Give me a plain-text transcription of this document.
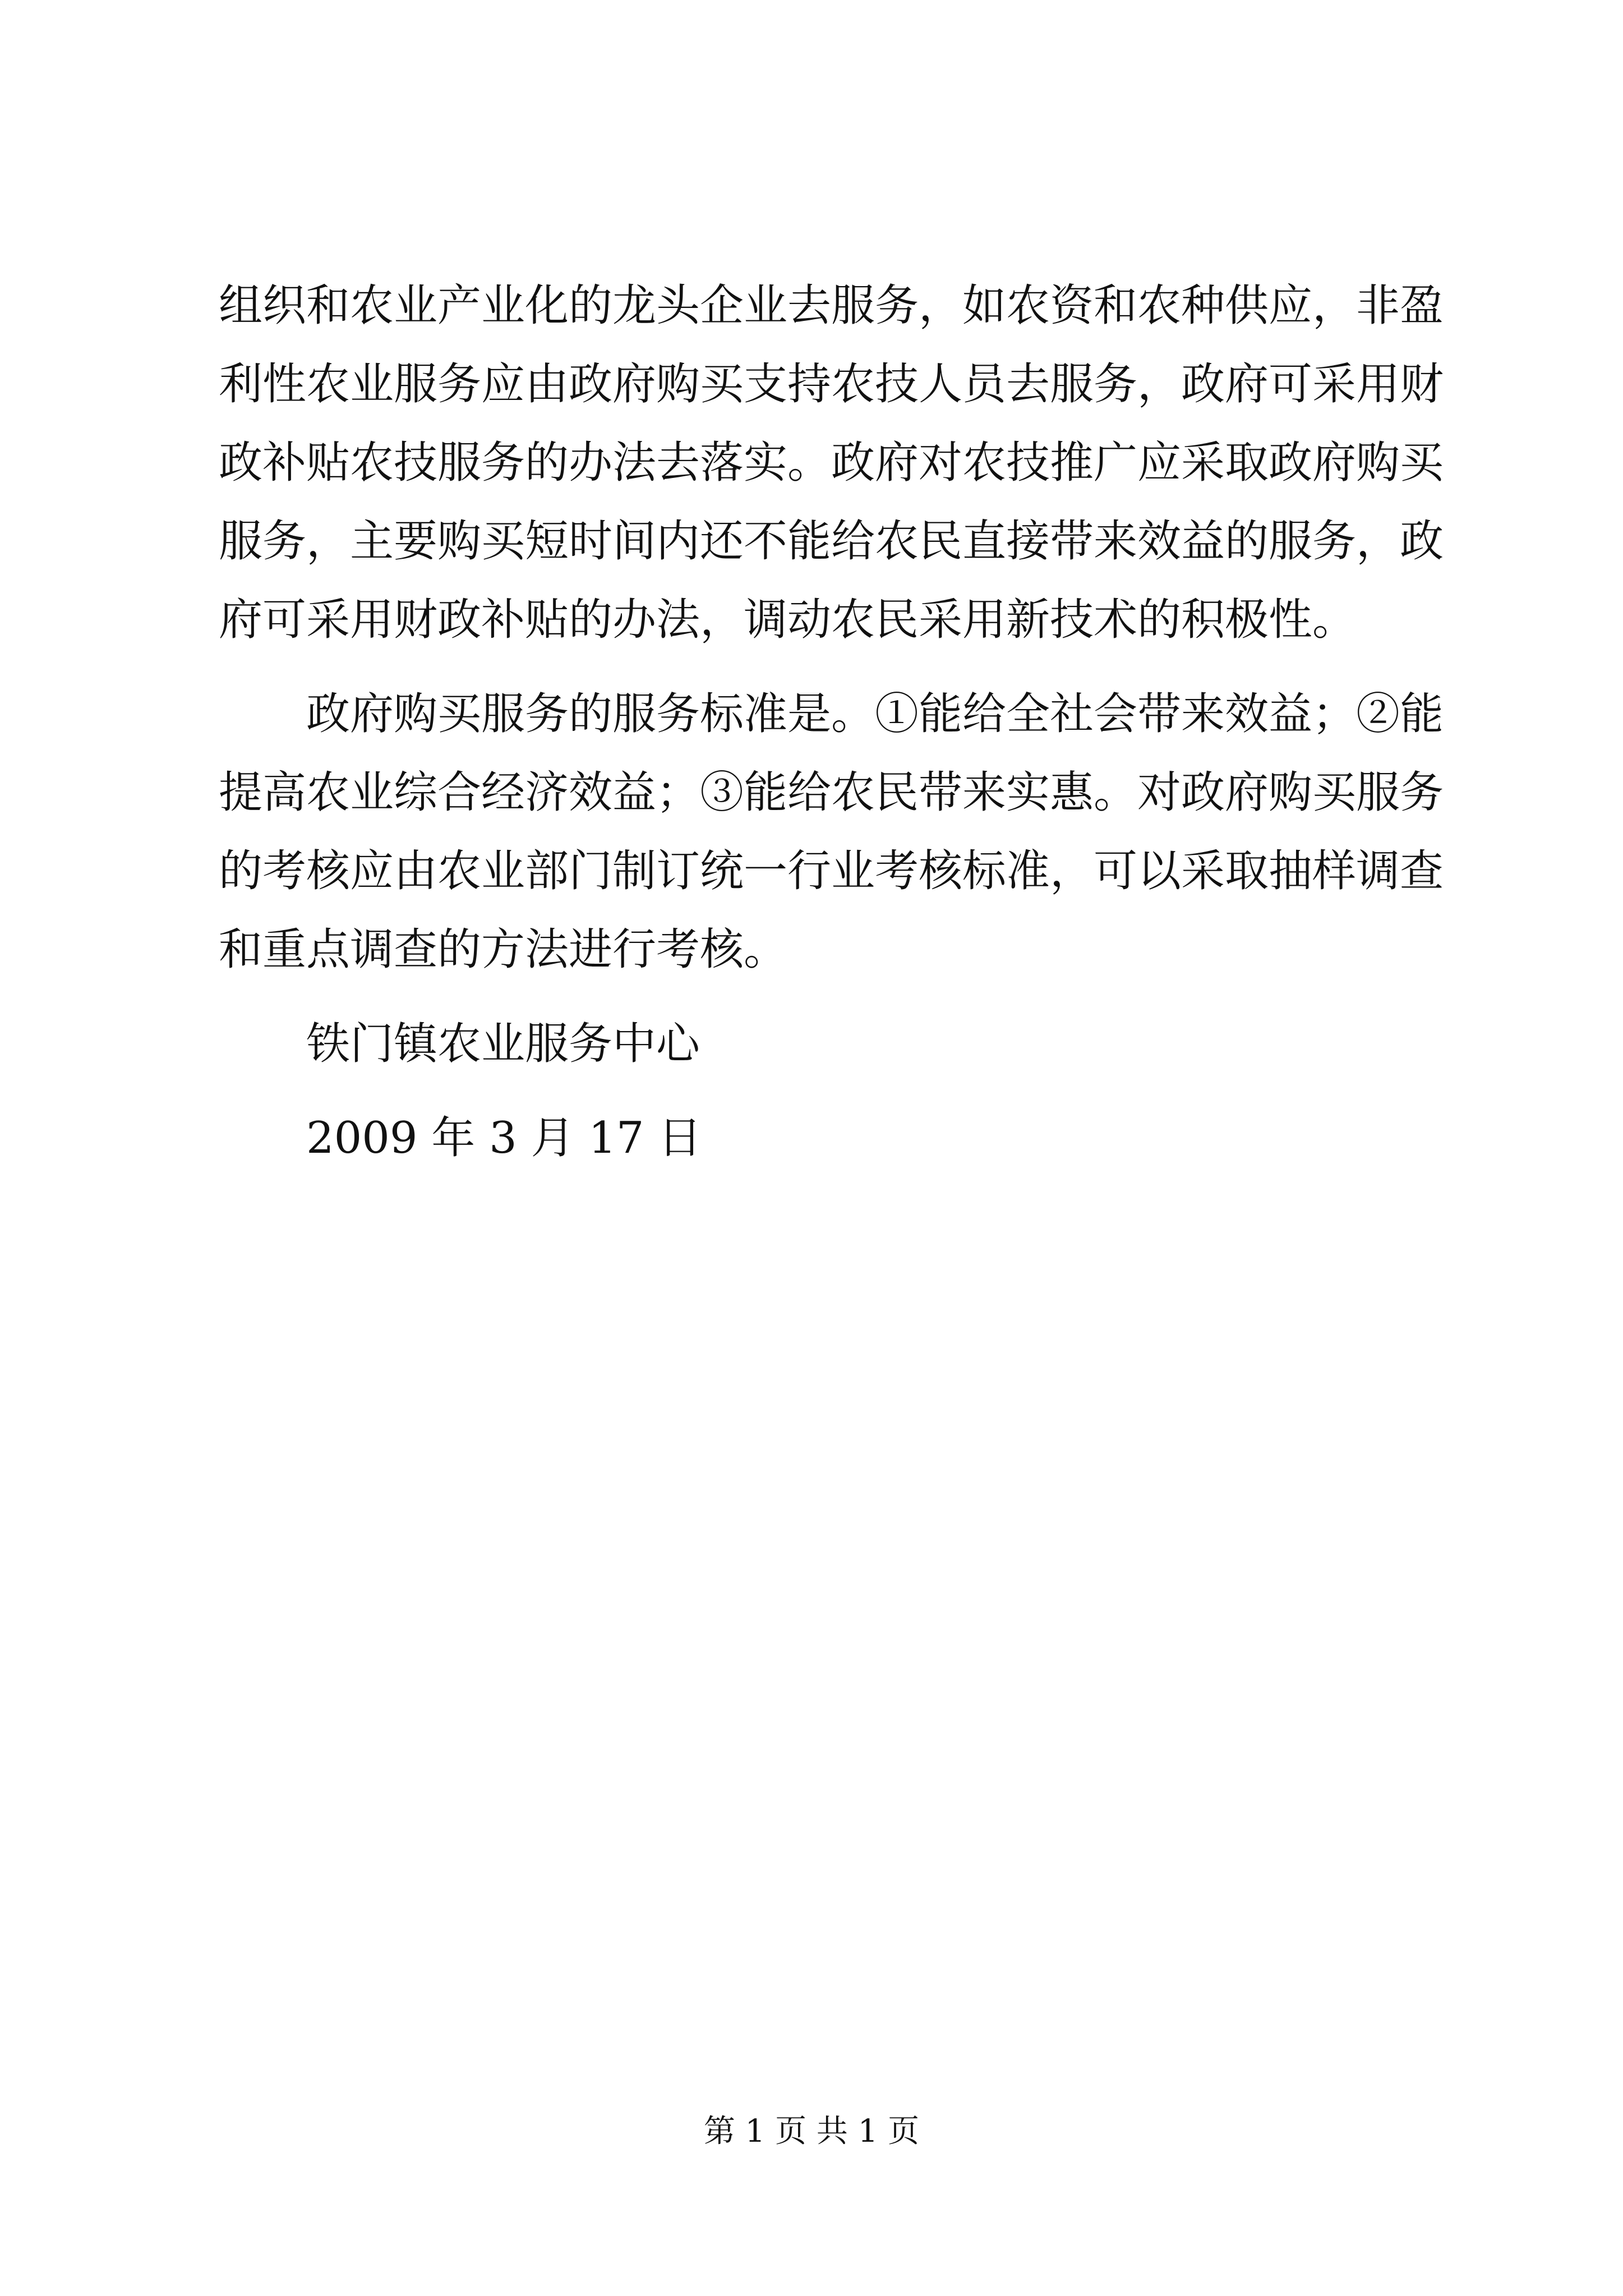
组织和农业产业化的龙头企业去服务，如农资和农种供应，非盈
利性农业服务应由政府购买支持农技人员去服务，政府可采用财
政补贴农技服务的办法去落实。政府对农技推广应采取政府购买
服务，主要购买短时间内还不能给农民直接带来效益的服务，政
府可采用财政补贴的办法，调动农民采用新技术的积极性。
政府购买服务的服务标准是。①能给全社会带来效益；②能
提高农业综合经济效益；③能给农民带来实惠。对政府购买服务
的考核应由农业部门制订统一行业考核标准，可以采取抽样调查
和重点调查的方法进行考核。
铁门镇农业服务中心
2009 年 3 月 17 日
第 1 页 共 1 页
